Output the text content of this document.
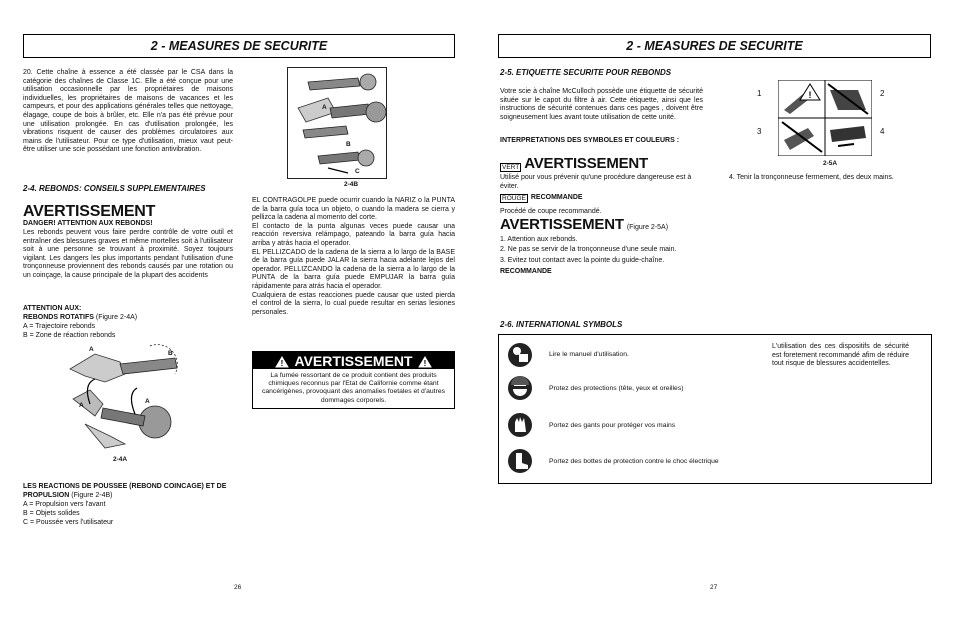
2 - MEASURES DE SECURITE
20. Cette chaîne à essence a été classée par le CSA dans la catégorie des chaînes de Classe 1C. Elle a été conçue pour une utilisation occasionnelle par les propriétaires de maisons individuelles, les propriétaires de maisons de vacances et les campeurs, et pour des applications générales telles que nettoyage, élagage, coupe de bois à brûler, etc. Elle n'a pas été prévue pour une utilisation prolongée. En cas d'utilisation prolongée, les vibrations risquent de causer des problèmes circulatoires aux mains de l'utilisateur. Pour ce type d'utilisation, mieux vaut peut-être utiliser une scie possédant une fonction antivibration.
2-4. REBONDS: CONSEILS SUPPLEMENTAIRES
AVERTISSEMENT
DANGER! ATTENTION AUX REBONDS!
Les rebonds peuvent vous faire perdre contrôle de votre outil et entraîner des blessures graves et même mortelles soit à l'utilisateur soit à une personne se trouvant à proximité. Soyez toujours vigilant. Les dangers les plus importants pendant l'utilisation d'une tronçonneuse proviennent des rebonds causés par une rotation ou un coinçage, la cause principale de la plupart des accidents
ATTENTION AUX:
REBONDS ROTATIFS (Figure 2-4A)
A = Trajectoire rebonds
B = Zone de réaction rebonds
A
B
A
A
2-4A
LES REACTIONS DE POUSSEE (REBOND COINCAGE) ET DE PROPULSION (Figure 2-4B)
A = Propulsion vers l'avant
B = Objets solides
C = Poussée vers l'utilisateur
A
B
C
2-4B
EL CONTRAGOLPE puede ocurrir cuando la NARIZ o la PUNTA de la barra guía toca un objeto, o cuando la madera se cierra y pellizca la cadena al momento del corte.
El contacto de la punta algunas veces puede causar una reacción reversiva relámpago, pateando la barra guía hacia arriba y atrás hacia el operador.
EL PELLIZCADO de la cadena de la sierra a lo largo de la BASE de la barra guía puede JALAR la sierra hacia adelante lejos del operador. PELLIZCANDO la cadena de la sierra a lo largo de la PUNTA de la barra guía puede EMPUJAR la barra guía rápidamente para atrás hacia el operador.
Cualquiera de estas reacciones puede causar que usted pierda el control de la sierra, lo cual puede resultar en serias lesiones personales.
! AVERTISSEMENT !
La fumée ressortant de ce produit contient des produits chimiques reconnus par l'Etat de Californie comme étant cancérigènes, provoquant des anomalies foetales et d'autres dommages corporels.
26
2 - MEASURES DE SECURITE
2-5. ETIQUETTE SECURITE POUR REBONDS
Votre scie à chaîne McCulloch possède une étiquette de sécurité située sur le capot du filtre à air. Cette étiquette, ainsi que les instructions de sécurité contenues dans ces pages , doivent être soigneusement lues avant toute utilisation de cette unité.
INTERPRETATIONS DES SYMBOLES ET COULEURS :
VERT AVERTISSEMENT
Utilisé pour vous prévenir qu'une procédure dangereuse est à éviter.
ROUGE RECOMMANDE
Procédé de coupe recommandé.
AVERTISSEMENT (Figure 2-5A)
1. Attention aux rebonds.
2. Ne pas se servir de la tronçonneuse d'une seule main.
3. Evitez tout contact avec la pointe du guide-chaîne.
RECOMMANDE
!
1	2
3	4
2-5A
4. Tenir la tronçonneuse fermement, des deux mains.
2-6. INTERNATIONAL SYMBOLS
Lire le manuel d'utilisation.
Protez des protections (tête, yeux et oreilles)
Portez des gants pour protéger vos mains
Portez des bottes de protection contre le choc électrique
L'utilisation des ces dispositifs de sécurité est foretement recommandé afim de réduire tout risque de blessures accidentelles.
27
